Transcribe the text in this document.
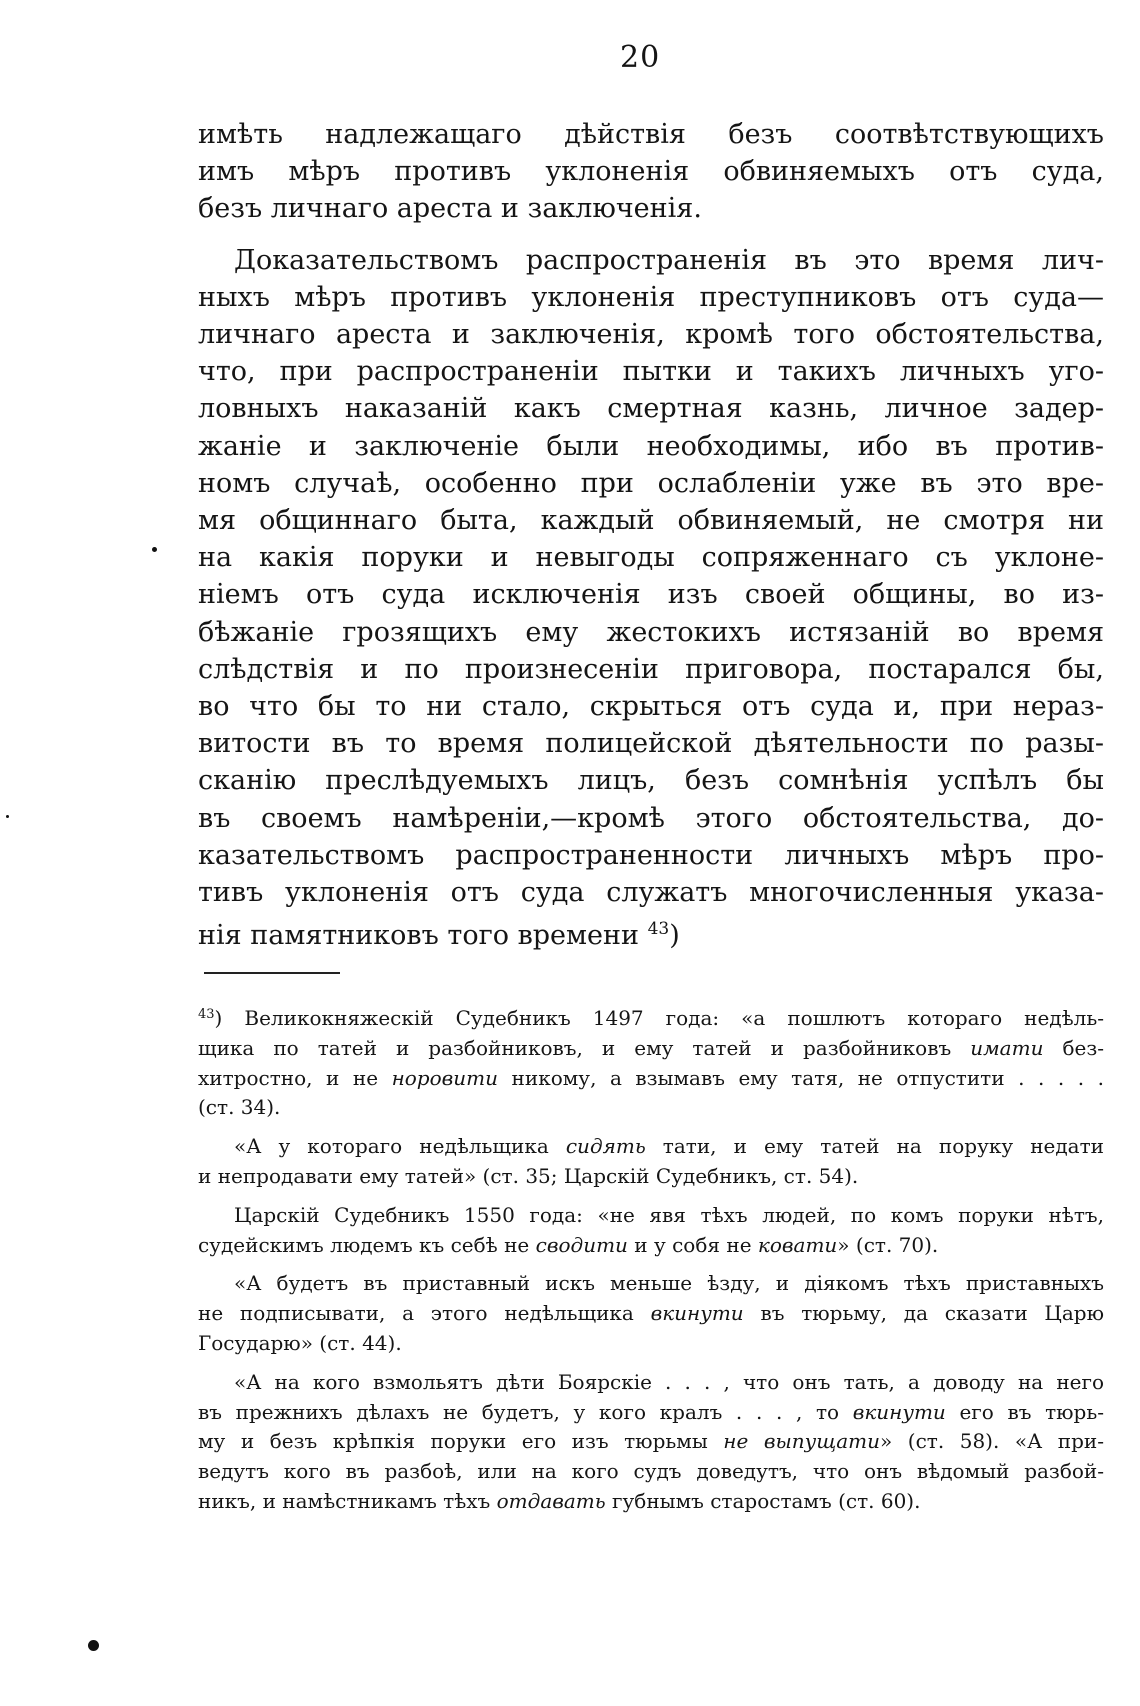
20
имѣть надлежащаго дѣйствія безъ соотвѣтствующихъ
имъ мѣръ противъ уклоненія обвиняемыхъ отъ суда,
безъ личнаго ареста и заключенія.
Доказательствомъ распространенія въ это время лич-
ныхъ мѣръ противъ уклоненія преступниковъ отъ суда—
личнаго ареста и заключенія, кромѣ того обстоятельства,
что, при распространеніи пытки и такихъ личныхъ уго-
ловныхъ наказаній какъ смертная казнь, личное задер-
жаніе и заключеніе были необходимы, ибо въ против-
номъ случаѣ, особенно при ослабленіи уже въ это вре-
мя общиннаго быта, каждый обвиняемый, не смотря ни
на какія поруки и невыгоды сопряженнаго съ уклоне-
ніемъ отъ суда исключенія изъ своей общины, во из-
бѣжаніе грозящихъ ему жестокихъ истязаній во время
слѣдствія и по произнесеніи приговора, постарался бы,
во что бы то ни стало, скрыться отъ суда и, при нераз-
витости въ то время полицейской дѣятельности по разы-
сканію преслѣдуемыхъ лицъ, безъ сомнѣнія успѣлъ бы
въ своемъ намѣреніи,—кромѣ этого обстоятельства, до-
казательствомъ распространенности личныхъ мѣръ про-
тивъ уклоненія отъ суда служатъ многочисленныя указа-
нія памятниковъ того времени $^{43}$)
$^{43}$) Великокняжескій Судебникъ 1497 года: «а пошлютъ котораго недѣль-
щика по татей и разбойниковъ, и ему татей и разбойниковъ имати без-
хитростно, и не норовити никому, а взымавъ ему татя, не отпустити . . . . .
(ст. 34).
«А у котораго недѣльщика сидять тати, и ему татей на поруку недати
и непродавати ему татей» (ст. 35; Царскій Судебникъ, ст. 54).
Царскій Судебникъ 1550 года: «не явя тѣхъ людей, по комъ поруки нѣтъ,
судейскимъ людемъ къ себѣ не сводити и у собя не ковати» (ст. 70).
«А будетъ въ приставный искъ меньше ѣзду, и діякомъ тѣхъ приставныхъ
не подписывати, а этого недѣльщика вкинути въ тюрьму, да сказати Царю
Государю» (ст. 44).
«А на кого взмольятъ дѣти Боярскіе . . . , что онъ тать, а доводу на него
въ прежнихъ дѣлахъ не будетъ, у кого кралъ . . . , то вкинути его въ тюрь-
му и безъ крѣпкія поруки его изъ тюрьмы не выпущати» (ст. 58). «А при-
ведутъ кого въ разбоѣ, или на кого судъ доведутъ, что онъ вѣдомый разбой-
никъ, и намѣстникамъ тѣхъ отдавать губнымъ старостамъ (ст. 60).
